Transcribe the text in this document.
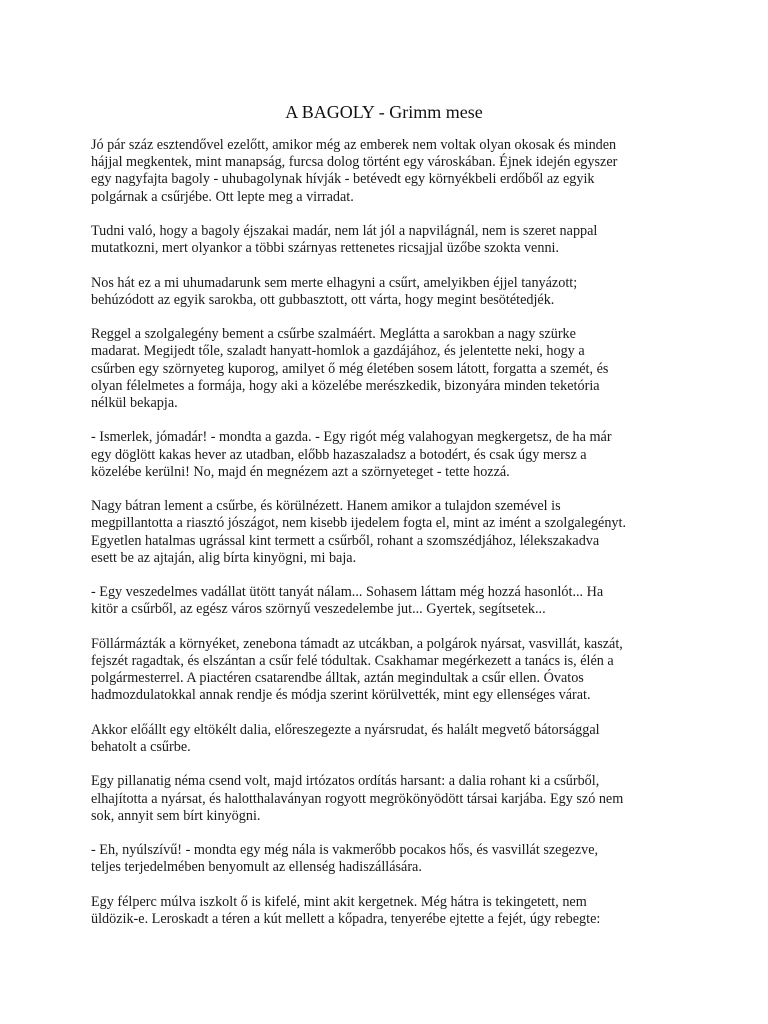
A BAGOLY - Grimm mese

Jó pár száz esztendővel ezelőtt, amikor még az emberek nem voltak olyan okosak és minden
hájjal megkentek, mint manapság, furcsa dolog történt egy városkában. Éjnek idején egyszer
egy nagyfajta bagoly - uhubagolynak hívják - betévedt egy környékbeli erdőből az egyik
polgárnak a csűrjébe. Ott lepte meg a virradat.

Tudni való, hogy a bagoly éjszakai madár, nem lát jól a napvilágnál, nem is szeret nappal
mutatkozni, mert olyankor a többi szárnyas rettenetes ricsajjal üzőbe szokta venni.

Nos hát ez a mi uhumadarunk sem merte elhagyni a csűrt, amelyikben éjjel tanyázott;
behúzódott az egyik sarokba, ott gubbasztott, ott várta, hogy megint besötétedjék.

Reggel a szolgalegény bement a csűrbe szalmáért. Meglátta a sarokban a nagy szürke
madarat. Megijedt tőle, szaladt hanyatt-homlok a gazdájához, és jelentette neki, hogy a
csűrben egy szörnyeteg kuporog, amilyet ő még életében sosem látott, forgatta a szemét, és
olyan félelmetes a formája, hogy aki a közelébe merészkedik, bizonyára minden teketória
nélkül bekapja.

- Ismerlek, jómadár! - mondta a gazda. - Egy rigót még valahogyan megkergetsz, de ha már
egy döglött kakas hever az utadban, előbb hazaszaladsz a botodért, és csak úgy mersz a
közelébe kerülni! No, majd én megnézem azt a szörnyeteget - tette hozzá.

Nagy bátran lement a csűrbe, és körülnézett. Hanem amikor a tulajdon szemével is
megpillantotta a riasztó jószágot, nem kisebb ijedelem fogta el, mint az imént a szolgalegényt.
Egyetlen hatalmas ugrással kint termett a csűrből, rohant a szomszédjához, lélekszakadva
esett be az ajtaján, alig bírta kinyögni, mi baja.

- Egy veszedelmes vadállat ütött tanyát nálam... Sohasem láttam még hozzá hasonlót... Ha
kitör a csűrből, az egész város szörnyű veszedelembe jut... Gyertek, segítsetek...

Föllármázták a környéket, zenebona támadt az utcákban, a polgárok nyársat, vasvillát, kaszát,
fejszét ragadtak, és elszántan a csűr felé tódultak. Csakhamar megérkezett a tanács is, élén a
polgármesterrel. A piactéren csatarendbe álltak, aztán megindultak a csűr ellen. Óvatos
hadmozdulatokkal annak rendje és módja szerint körülvették, mint egy ellenséges várat.

Akkor előállt egy eltökélt dalia, előreszegezte a nyársrudat, és halált megvető bátorsággal
behatolt a csűrbe.

Egy pillanatig néma csend volt, majd irtózatos ordítás harsant: a dalia rohant ki a csűrből,
elhajította a nyársat, és halotthalaványan rogyott megrökönyödött társai karjába. Egy szó nem
sok, annyit sem bírt kinyögni.

- Eh, nyúlszívű! - mondta egy még nála is vakmerőbb pocakos hős, és vasvillát szegezve,
teljes terjedelmében benyomult az ellenség hadiszállására.

Egy félperc múlva iszkolt ő is kifelé, mint akit kergetnek. Még hátra is tekingetett, nem
üldözik-e. Leroskadt a téren a kút mellett a kőpadra, tenyerébe ejtette a fejét, úgy rebegte:
